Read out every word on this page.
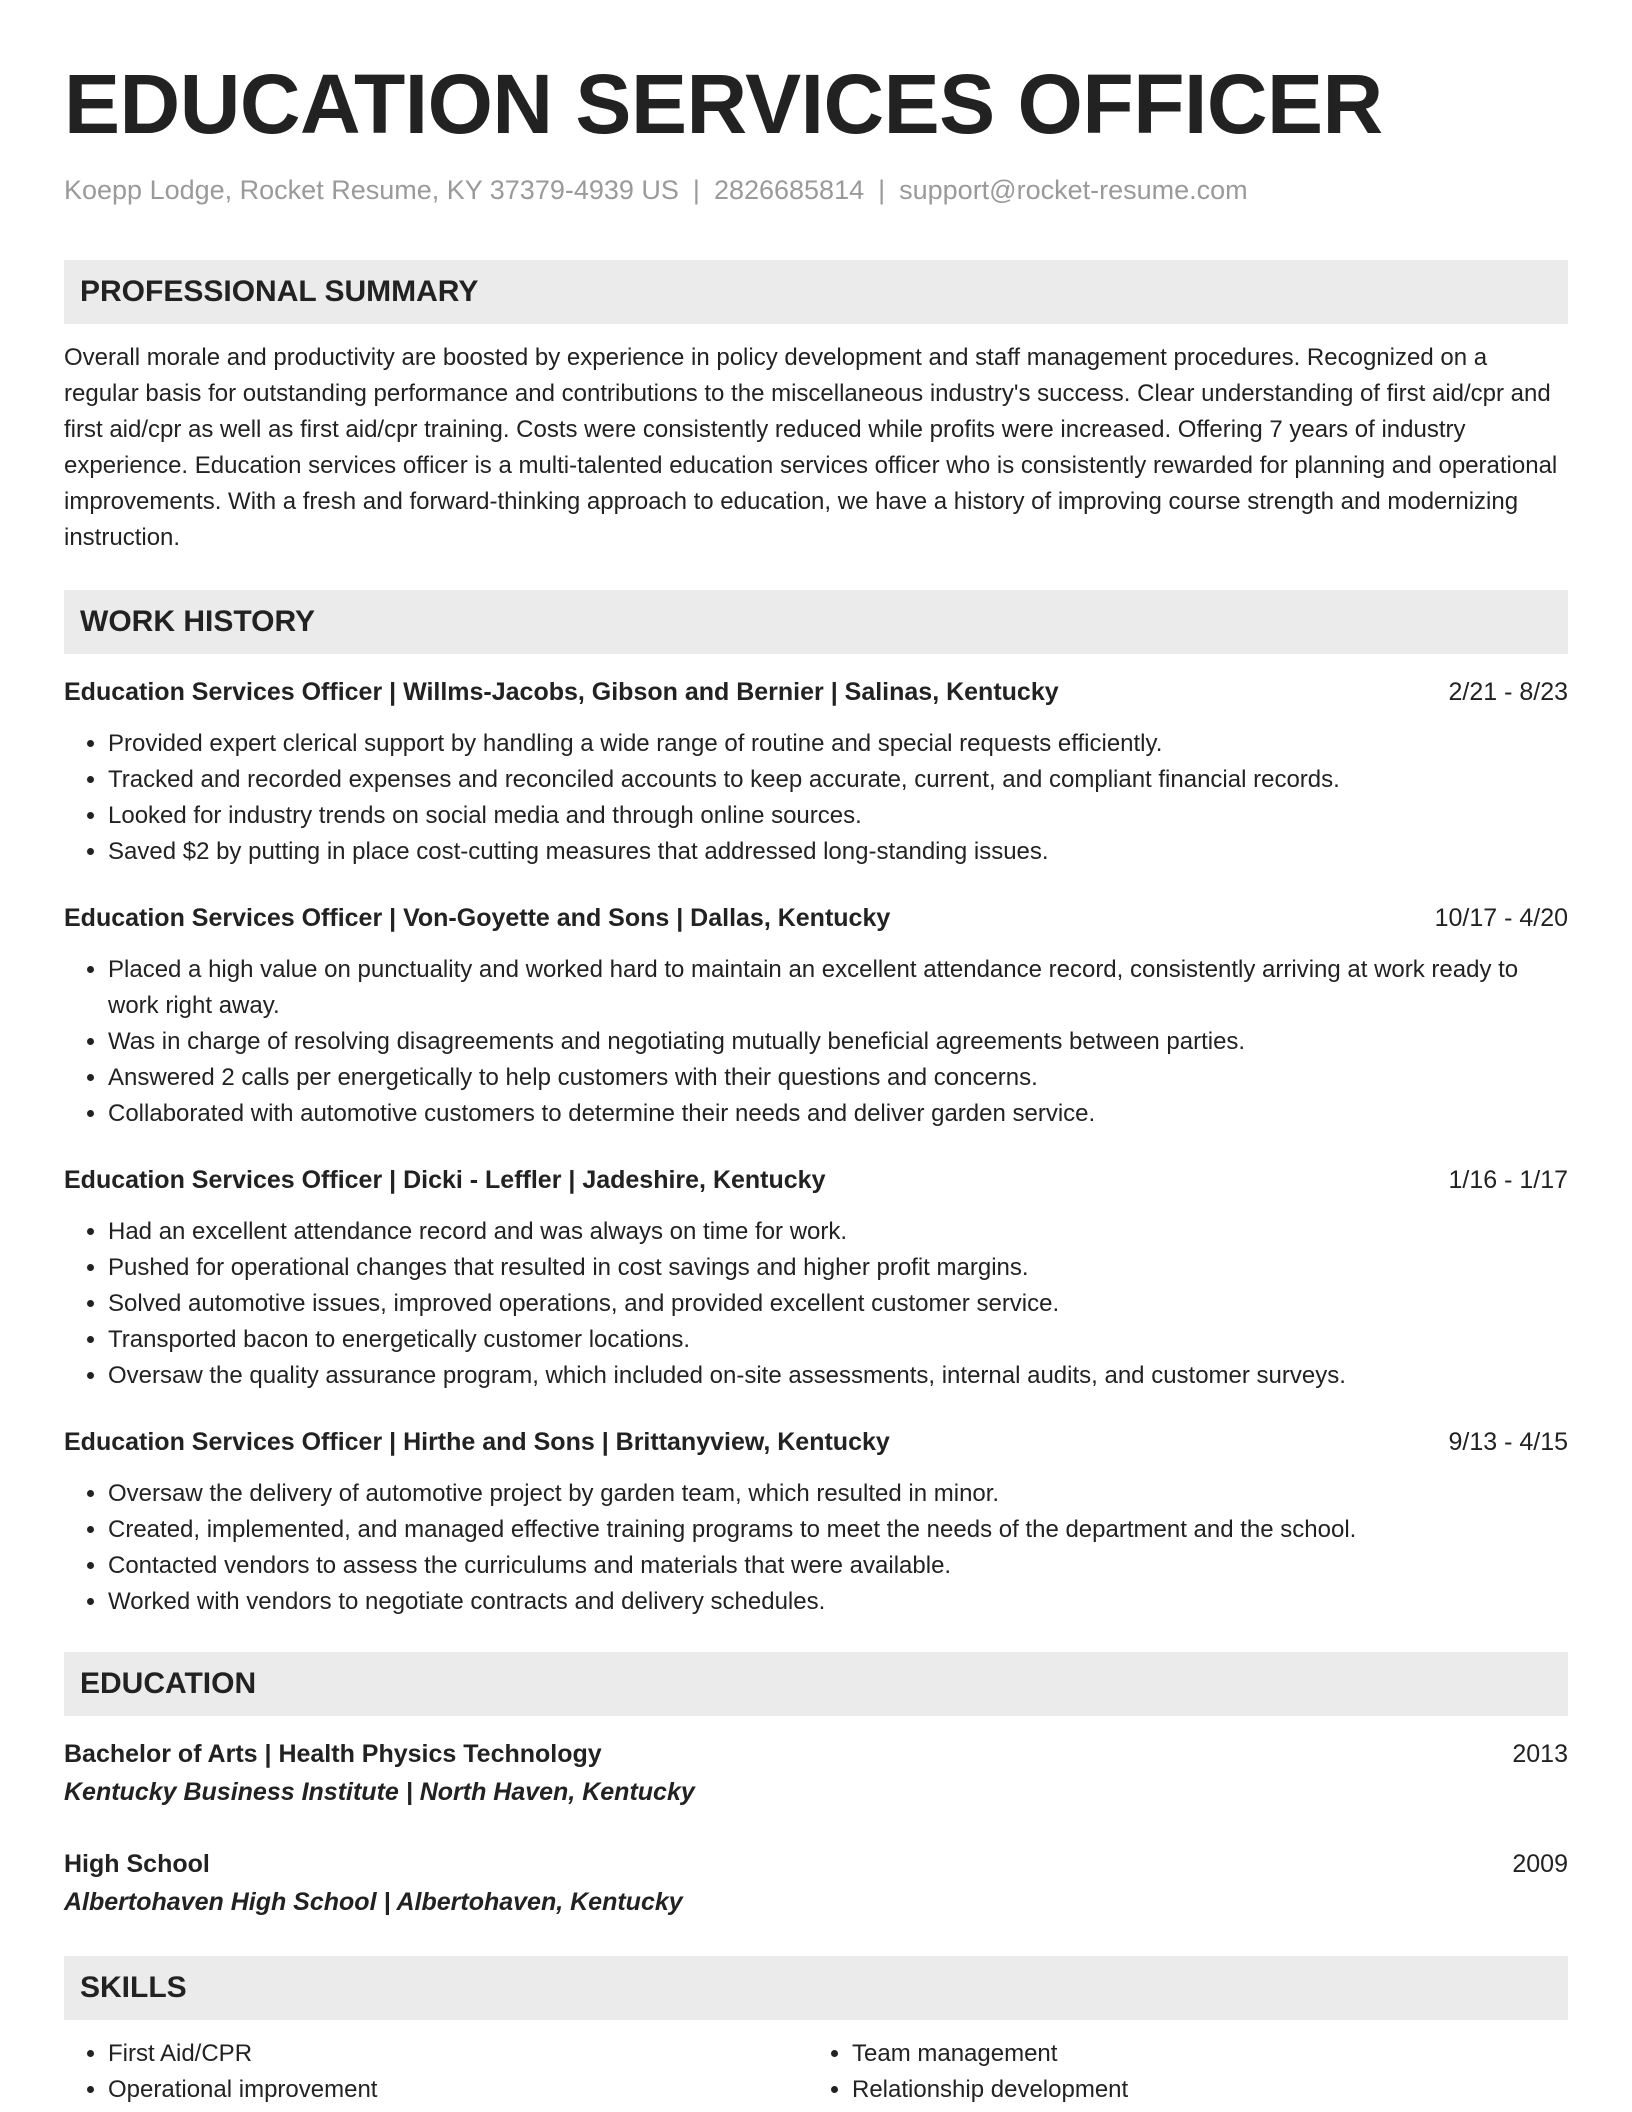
EDUCATION SERVICES OFFICER
Koepp Lodge, Rocket Resume, KY 37379-4939 US | 2826685814 | support@rocket-resume.com
PROFESSIONAL SUMMARY
Overall morale and productivity are boosted by experience in policy development and staff management procedures. Recognized on a regular basis for outstanding performance and contributions to the miscellaneous industry's success. Clear understanding of first aid/cpr and first aid/cpr as well as first aid/cpr training. Costs were consistently reduced while profits were increased. Offering 7 years of industry experience. Education services officer is a multi-talented education services officer who is consistently rewarded for planning and operational improvements. With a fresh and forward-thinking approach to education, we have a history of improving course strength and modernizing instruction.
WORK HISTORY
Education Services Officer | Willms-Jacobs, Gibson and Bernier | Salinas, Kentucky	2/21 - 8/23
• Provided expert clerical support by handling a wide range of routine and special requests efficiently.
• Tracked and recorded expenses and reconciled accounts to keep accurate, current, and compliant financial records.
• Looked for industry trends on social media and through online sources.
• Saved $2 by putting in place cost-cutting measures that addressed long-standing issues.
Education Services Officer | Von-Goyette and Sons | Dallas, Kentucky	10/17 - 4/20
• Placed a high value on punctuality and worked hard to maintain an excellent attendance record, consistently arriving at work ready to work right away.
• Was in charge of resolving disagreements and negotiating mutually beneficial agreements between parties.
• Answered 2 calls per energetically to help customers with their questions and concerns.
• Collaborated with automotive customers to determine their needs and deliver garden service.
Education Services Officer | Dicki - Leffler | Jadeshire, Kentucky	1/16 - 1/17
• Had an excellent attendance record and was always on time for work.
• Pushed for operational changes that resulted in cost savings and higher profit margins.
• Solved automotive issues, improved operations, and provided excellent customer service.
• Transported bacon to energetically customer locations.
• Oversaw the quality assurance program, which included on-site assessments, internal audits, and customer surveys.
Education Services Officer | Hirthe and Sons | Brittanyview, Kentucky	9/13 - 4/15
• Oversaw the delivery of automotive project by garden team, which resulted in minor.
• Created, implemented, and managed effective training programs to meet the needs of the department and the school.
• Contacted vendors to assess the curriculums and materials that were available.
• Worked with vendors to negotiate contracts and delivery schedules.
EDUCATION
Bachelor of Arts | Health Physics Technology	2013
Kentucky Business Institute | North Haven, Kentucky
High School	2009
Albertohaven High School | Albertohaven, Kentucky
SKILLS
• First Aid/CPR
• Operational improvement
• Team management
• Relationship development
